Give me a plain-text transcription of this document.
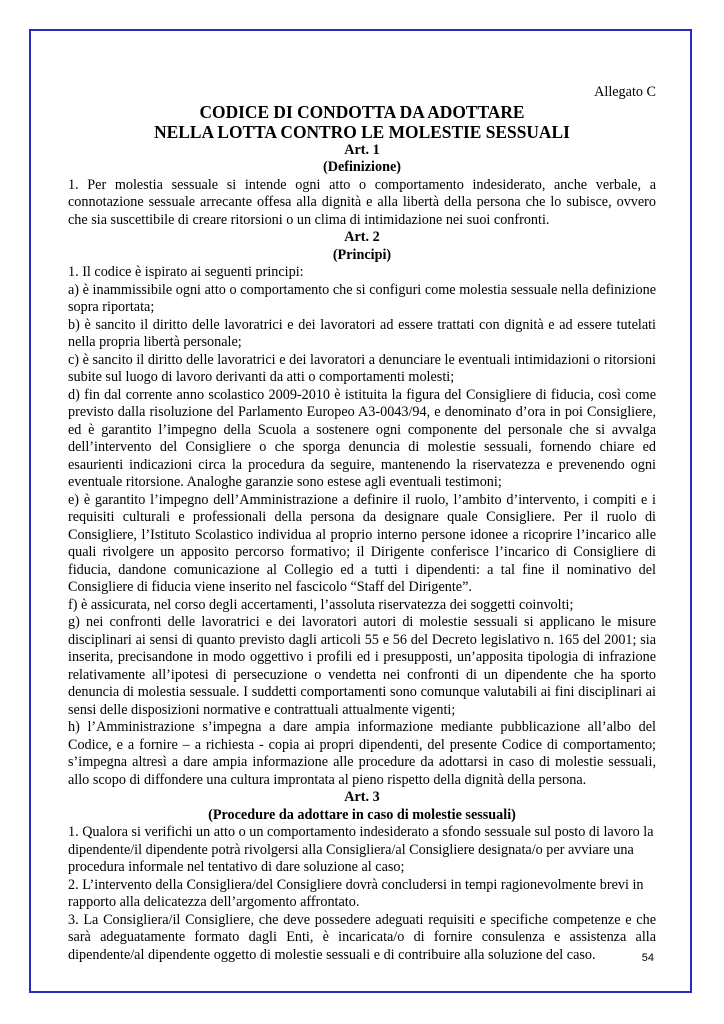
Allegato C
CODICE DI CONDOTTA DA ADOTTARE
NELLA LOTTA CONTRO LE MOLESTIE SESSUALI
Art. 1
(Definizione)

1. Per molestia sessuale si intende ogni atto o comportamento indesiderato, anche verbale, a connotazione sessuale arrecante offesa alla dignità e alla libertà della persona che lo subisce, ovvero che sia suscettibile di creare ritorsioni o un clima di intimidazione nei suoi confronti.

Art. 2
(Principi)

1. Il codice è ispirato ai seguenti principi:

a) è inammissibile ogni atto o comportamento che si configuri come molestia sessuale nella definizione sopra riportata;

b) è sancito il diritto delle lavoratrici e dei lavoratori ad essere trattati con dignità e ad essere tutelati nella propria libertà personale;

c) è sancito il diritto delle lavoratrici e dei lavoratori a denunciare le eventuali intimidazioni o ritorsioni subite sul luogo di lavoro derivanti da atti o comportamenti molesti;

d) fin dal corrente anno scolastico 2009-2010 è istituita la figura del Consigliere di fiducia, così come previsto dalla risoluzione del Parlamento Europeo A3-0043/94, e denominato d’ora in poi Consigliere, ed è garantito l’impegno della Scuola a sostenere ogni componente del personale che si avvalga dell’intervento del Consigliere o che sporga denuncia di molestie sessuali, fornendo chiare ed esaurienti indicazioni circa la procedura da seguire, mantenendo la riservatezza e prevenendo ogni eventuale ritorsione. Analoghe garanzie sono estese agli eventuali testimoni;

e) è garantito l’impegno dell’Amministrazione a definire il ruolo, l’ambito d’intervento, i compiti e i requisiti culturali e professionali della persona da designare quale Consigliere. Per il ruolo di Consigliere, l’Istituto Scolastico individua al proprio interno persone idonee a ricoprire l’incarico alle quali rivolgere un apposito percorso formativo; il Dirigente conferisce l’incarico di Consigliere di fiducia, dandone comunicazione al Collegio ed a tutti i dipendenti: a tal fine il nominativo del Consigliere di fiducia viene inserito nel fascicolo “Staff del Dirigente”.

f) è assicurata, nel corso degli accertamenti, l’assoluta riservatezza dei soggetti coinvolti;

g) nei confronti delle lavoratrici e dei lavoratori autori di molestie sessuali si applicano le misure disciplinari ai sensi di quanto previsto dagli articoli 55 e 56 del Decreto legislativo n. 165 del 2001; sia inserita, precisandone in modo oggettivo i profili ed i presupposti, un’apposita tipologia di infrazione relativamente all’ipotesi di persecuzione o vendetta nei confronti di un dipendente che ha sporto denuncia di molestia sessuale. I suddetti comportamenti sono comunque valutabili ai fini disciplinari ai sensi delle disposizioni normative e contrattuali attualmente vigenti;

h) l’Amministrazione s’impegna a dare ampia informazione mediante pubblicazione all’albo del Codice, e a fornire – a richiesta - copia ai propri dipendenti, del presente Codice di comportamento; s’impegna altresì a dare ampia informazione alle procedure da adottarsi in caso di molestie sessuali, allo scopo di diffondere una cultura improntata al pieno rispetto della dignità della persona.

Art. 3
(Procedure da adottare in caso di molestie sessuali)

1. Qualora si verifichi un atto o un comportamento indesiderato a sfondo sessuale sul posto di lavoro la dipendente/il dipendente potrà rivolgersi alla Consigliera/al Consigliere designata/o per avviare una procedura informale nel tentativo di dare soluzione al caso;

2. L’intervento della Consigliera/del Consigliere dovrà concludersi in tempi ragionevolmente brevi in rapporto alla delicatezza dell’argomento affrontato.

3. La Consigliera/il Consigliere, che deve possedere adeguati requisiti e specifiche competenze e che sarà adeguatamente formato dagli Enti, è incaricata/o di fornire consulenza e assistenza alla dipendente/al dipendente oggetto di molestie sessuali e di contribuire alla soluzione del caso.	54
